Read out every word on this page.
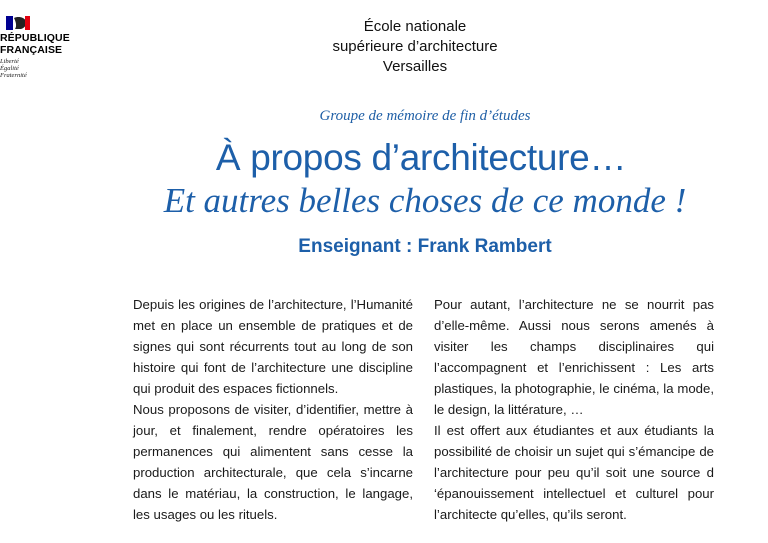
RÉPUBLIQUE
FRANÇAISE
Liberté
Égalité
Fraternité
École nationale
supérieure d’architecture
Versailles
Groupe de mémoire de fin d’études
À propos d’architecture…
Et autres belles choses de ce monde !
Enseignant : Frank Rambert

Depuis les origines de l’architecture, l’Humanité met en place un ensemble de pratiques et de signes qui sont récurrents tout au long de son histoire qui font de l’architecture une discipline qui produit des espaces fictionnels.

Nous proposons de visiter, d’identifier, mettre à jour, et finalement, rendre opératoires les permanences qui alimentent sans cesse la production architecturale, que cela s’incarne dans le matériau, la construction, le langage, les usages ou les rituels.

Pour autant, l’architecture ne se nourrit pas d’elle-même. Aussi nous serons amenés à visiter les champs disciplinaires qui l’accompagnent et l’enrichissent : Les arts plastiques, la photographie, le cinéma, la mode, le design, la littérature, …

Il est offert aux étudiantes et aux étudiants la possibilité de choisir un sujet qui s’émancipe de l’architecture pour peu qu’il soit une source d ‘épanouissement intellectuel et culturel pour l’architecte qu’elles, qu’ils seront.
